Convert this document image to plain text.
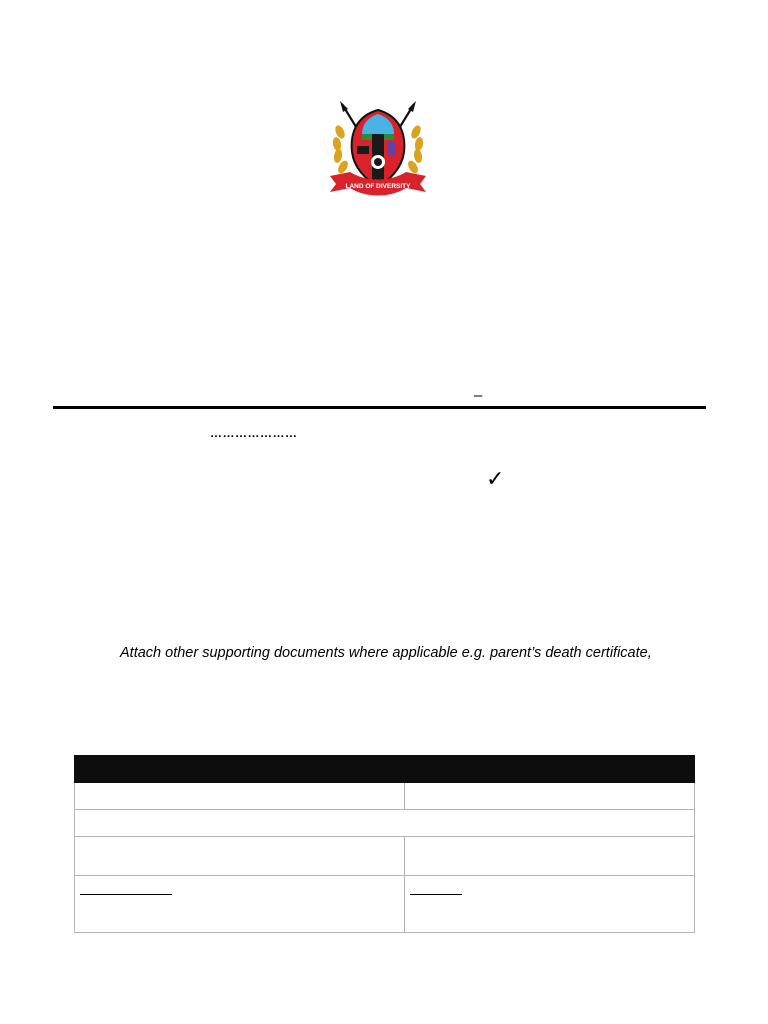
LAND OF DIVERSITY
–
…………………
✓
Attach other supporting documents where applicable e.g. parent’s death certificate,
